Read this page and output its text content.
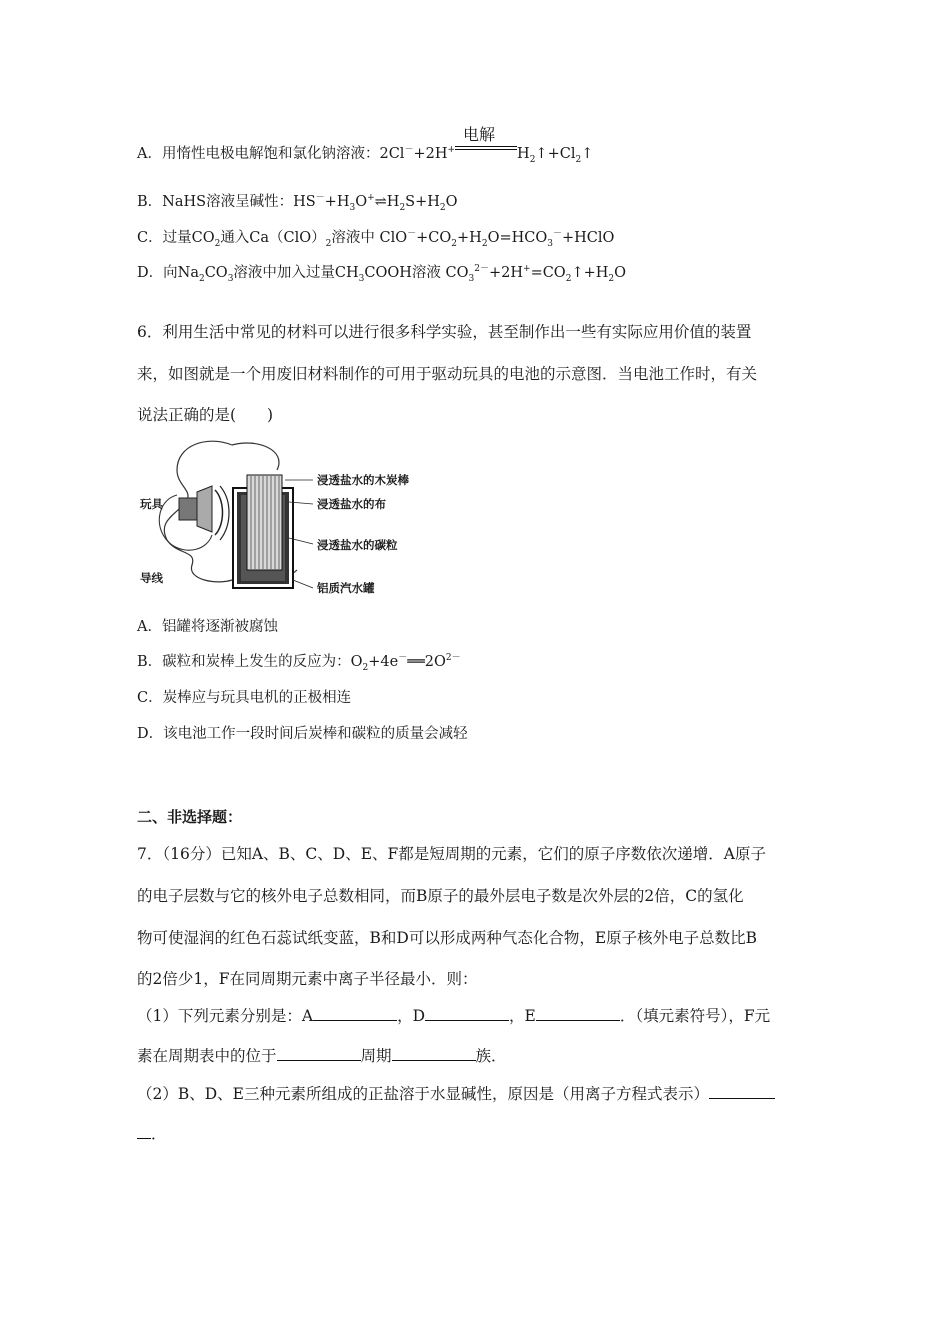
A．用惰性电极电解饱和氯化钠溶液：2Cl－+2H+
电解
$H_2↑+Cl_2↑$
B．NaHS溶液呈碱性：$HS^-+H_3O^+\rightleftharpoons H_2S+H_2O$
C．过量$CO_2$通入$Ca(ClO)_2$溶液中 $ClO^-+CO_2+H_2O=HCO_3^-+HClO$
D．向$Na_2CO_3$溶液中加入过量$CH_3COOH$溶液 $CO_3^{2-}+2H^+=CO_2↑+H_2O$
6．利用生活中常见的材料可以进行很多科学实验，甚至制作出一些有实际应用价值的装置
来，如图就是一个用废旧材料制作的可用于驱动玩具的电池的示意图．当电池工作时，有关
说法正确的是(　　)
玩具
导线
浸透盐水的木炭棒
浸透盐水的布
浸透盐水的碳粒
铝质汽水罐
A．铝罐将逐渐被腐蚀
B．碳粒和炭棒上发生的反应为：$O_2+4e^-══2O^{2-}$
C．炭棒应与玩具电机的正极相连
D．该电池工作一段时间后炭棒和碳粒的质量会减轻
二、非选择题：
7．（16分）已知A、B、C、D、E、F都是短周期的元素，它们的原子序数依次递增．A原子
的电子层数与它的核外电子总数相同，而B原子的最外层电子数是次外层的2倍，C的氢化
物可使湿润的红色石蕊试纸变蓝，B和D可以形成两种气态化合物，E原子核外电子总数比B
的2倍少1，F在同周期元素中离子半径最小．则：
（1）下列元素分别是：A	，D	，E	．（填元素符号），F元
素在周期表中的位于	周期	族．
（2）B、D、E三种元素所组成的正盐溶于水显碱性，原因是（用离子方程式表示）
．
